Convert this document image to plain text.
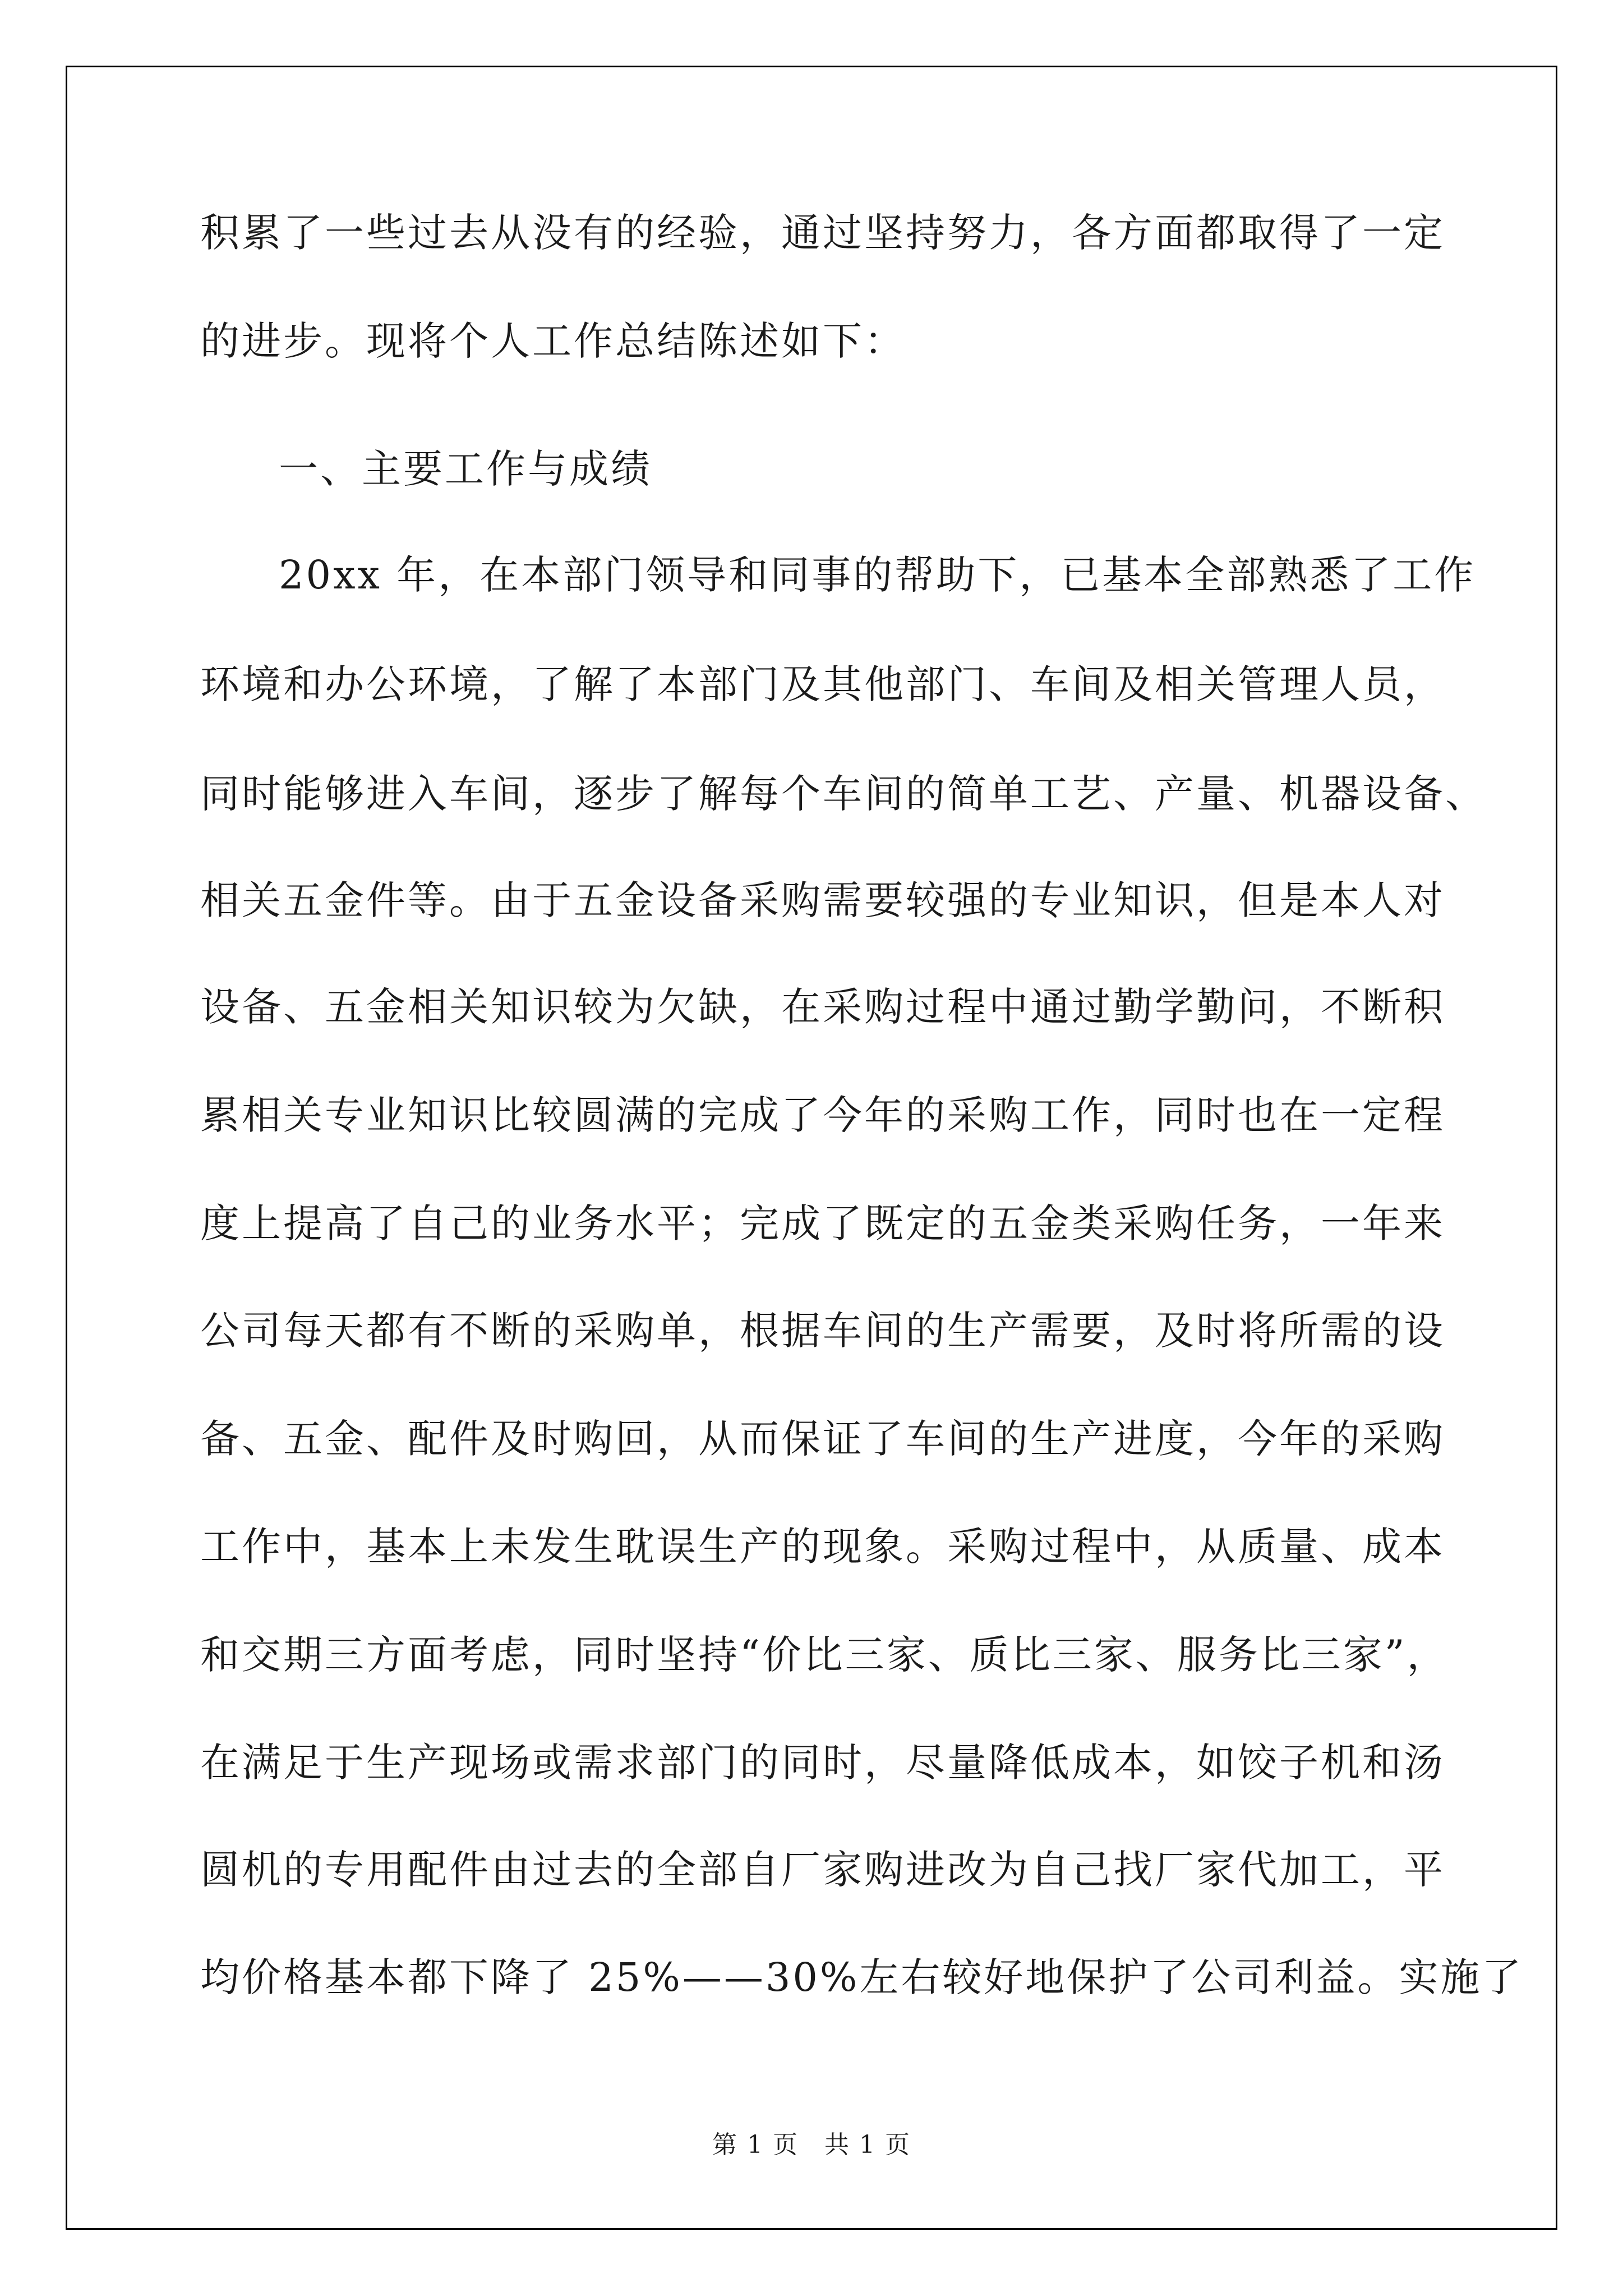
积累了一些过去从没有的经验，通过坚持努力，各方面都取得了一定
的进步。现将个人工作总结陈述如下：
一、主要工作与成绩
20xx 年，在本部门领导和同事的帮助下，已基本全部熟悉了工作
环境和办公环境，了解了本部门及其他部门、车间及相关管理人员，
同时能够进入车间，逐步了解每个车间的简单工艺、产量、机器设备、
相关五金件等。由于五金设备采购需要较强的专业知识，但是本人对
设备、五金相关知识较为欠缺，在采购过程中通过勤学勤问，不断积
累相关专业知识比较圆满的完成了今年的采购工作，同时也在一定程
度上提高了自己的业务水平；完成了既定的五金类采购任务，一年来
公司每天都有不断的采购单，根据车间的生产需要，及时将所需的设
备、五金、配件及时购回，从而保证了车间的生产进度，今年的采购
工作中，基本上未发生耽误生产的现象。采购过程中，从质量、成本
和交期三方面考虑，同时坚持“价比三家、质比三家、服务比三家”，
在满足于生产现场或需求部门的同时，尽量降低成本，如饺子机和汤
圆机的专用配件由过去的全部自厂家购进改为自己找厂家代加工，平
均价格基本都下降了 25%——30%左右较好地保护了公司利益。实施了
第 1 页　共 1 页
